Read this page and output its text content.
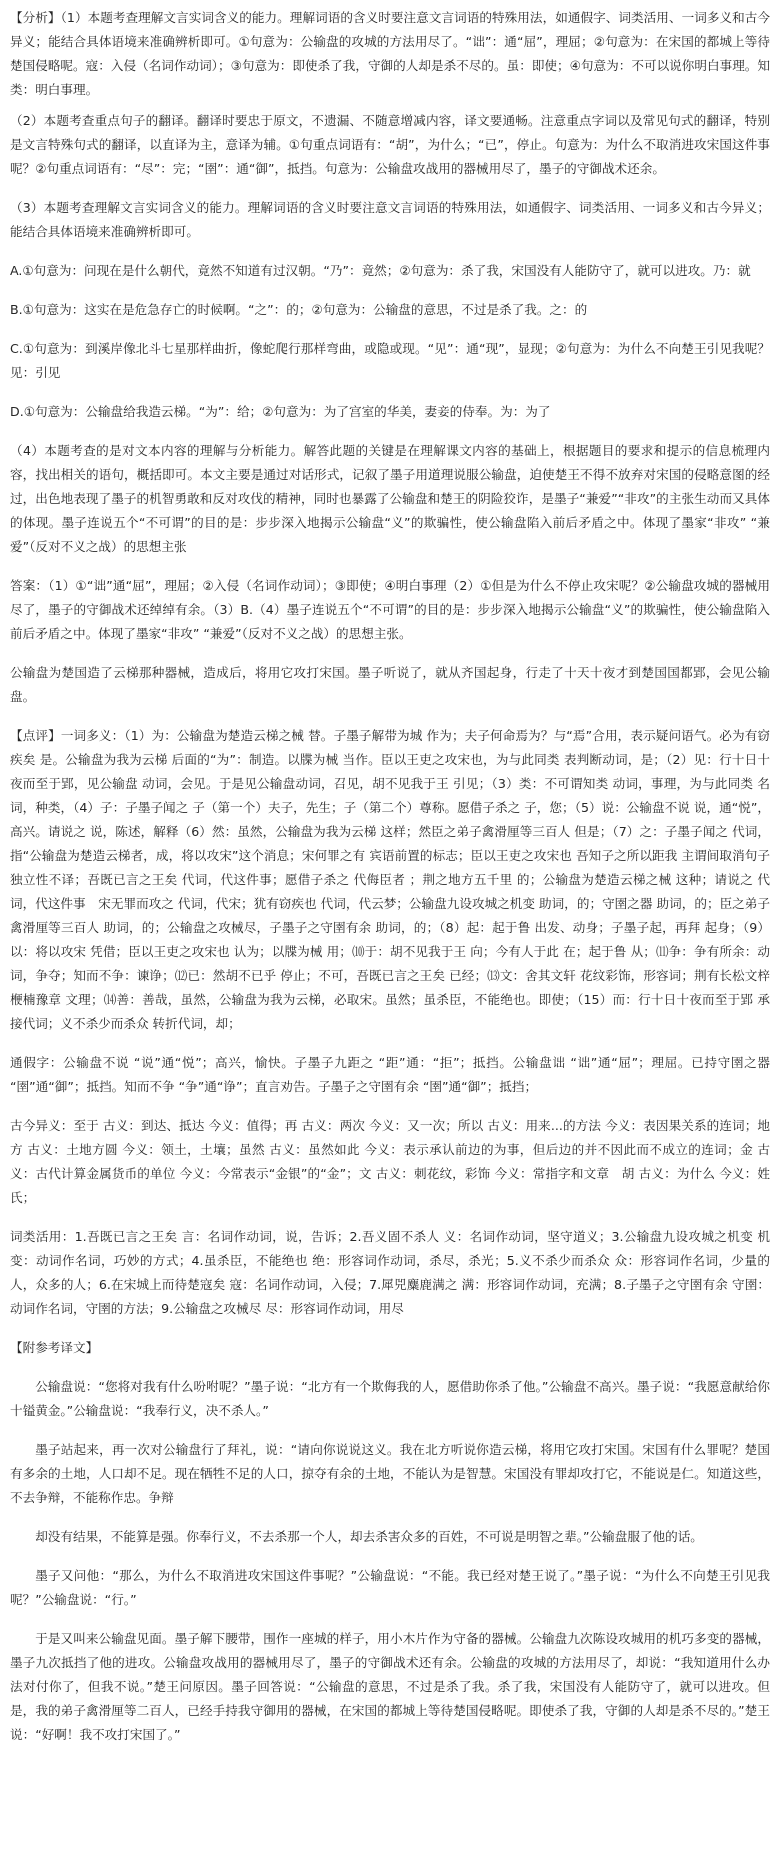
【分析】（1）本题考查理解文言实词含义的能力。理解词语的含义时要注意文言词语的特殊用法，如通假字、词类活用、一词多义和古今异义；能结合具体语境来准确辨析即可。①句意为：公输盘的攻城的方法用尽了。“诎”：通“屈”，理屈；②句意为：在宋国的都城上等待楚国侵略呢。寇：入侵（名词作动词）；③句意为：即使杀了我，守御的人却是杀不尽的。虽：即使；④句意为：不可以说你明白事理。知类：明白事理。

（2）本题考查重点句子的翻译。翻译时要忠于原文，不遗漏、不随意增减内容，译文要通畅。注意重点字词以及常见句式的翻译，特别是文言特殊句式的翻译，以直译为主，意译为辅。①句重点词语有：“胡”，为什么；“已”，停止。句意为：为什么不取消进攻宋国这件事呢？②句重点词语有：“尽”：完；“圉”：通“御”，抵挡。句意为：公输盘攻战用的器械用尽了，墨子的守御战术还余。

（3）本题考查理解文言实词含义的能力。理解词语的含义时要注意文言词语的特殊用法，如通假字、词类活用、一词多义和古今异义；能结合具体语境来准确辨析即可。

A.①句意为：问现在是什么朝代，竟然不知道有过汉朝。“乃”：竟然；②句意为：杀了我，宋国没有人能防守了，就可以进攻。乃：就

B.①句意为：这实在是危急存亡的时候啊。“之”：的；②句意为：公输盘的意思，不过是杀了我。之：的

C.①句意为：到溪岸像北斗七星那样曲折，像蛇爬行那样弯曲，或隐或现。“见”：通“现”，显现；②句意为：为什么不向楚王引见我呢？见：引见

D.①句意为：公输盘给我造云梯。“为”：给；②句意为：为了宫室的华美，妻妾的侍奉。为：为了

（4）本题考查的是对文本内容的理解与分析能力。解答此题的关键是在理解课文内容的基础上，根据题目的要求和提示的信息梳理内容，找出相关的语句，概括即可。本文主要是通过对话形式，记叙了墨子用道理说服公输盘，迫使楚王不得不放弃对宋国的侵略意图的经过，出色地表现了墨子的机智勇敢和反对攻伐的精神，同时也暴露了公输盘和楚王的阴险狡诈，是墨子“兼爱”“非攻”的主张生动而又具体的体现。墨子连说五个“不可谓”的目的是：步步深入地揭示公输盘“义”的欺骗性，使公输盘陷入前后矛盾之中。体现了墨家“非攻” “兼爱”（反对不义之战）的思想主张

答案：（1）①“诎”通“屈”，理屈；②入侵（名词作动词）；③即使；④明白事理（2）①但是为什么不停止攻宋呢？②公输盘攻城的器械用尽了，墨子的守御战术还绰绰有余。（3）B.（4）墨子连说五个“不可谓”的目的是：步步深入地揭示公输盘“义”的欺骗性，使公输盘陷入前后矛盾之中。体现了墨家“非攻” “兼爱”（反对不义之战）的思想主张。

公输盘为楚国造了云梯那种器械，造成后，将用它攻打宋国。墨子听说了，就从齐国起身，行走了十天十夜才到楚国国都郢，会见公输盘。

【点评】一词多义：（1）为：公输盘为楚造云梯之械 替。子墨子解带为城 作为；夫子何命焉为？与“焉”合用，表示疑问语气。必为有窃疾矣 是。公输盘为我为云梯 后面的“为”：制造。以牒为械 当作。臣以王吏之攻宋也，为与此同类 表判断动词，是；（2）见：行十日十夜而至于郢，见公输盘 动词，会见。于是见公输盘动词，召见，胡不见我于王 引见；（3）类：不可谓知类 动词，事理，为与此同类 名词，种类，（4）子：子墨子闻之 子（第一个）夫子，先生；子（第二个）尊称。愿借子杀之 子，您；（5）说：公输盘不说 说，通“悦”，高兴。请说之 说，陈述，解释（6）然：虽然，公输盘为我为云梯 这样；然臣之弟子禽滑厘等三百人 但是；（7）之：子墨子闻之 代词，指“公输盘为楚造云梯者，成，将以攻宋”这个消息；宋何罪之有 宾语前置的标志；臣以王吏之攻宋也 吾知子之所以距我 主谓间取消句子独立性不译；吾既已言之王矣 代词，代这件事；愿借子杀之 代侮臣者 ；荆之地方五千里 的；公输盘为楚造云梯之械 这种；请说之 代词，代这件事　宋无罪而攻之 代词，代宋；犹有窃疾也 代词，代云梦；公输盘九设攻城之机变 助词，的；守圉之器 助词，的；臣之弟子禽滑厘等三百人 助词，的；公输盘之攻械尽，子墨子之守圉有余 助词，的；（8）起：起于鲁 出发、动身；子墨子起，再拜 起身；（9）以：将以攻宋 凭借；臣以王吏之攻宋也 认为；以牒为械 用；⑽于：胡不见我于王 向；今有人于此 在；起于鲁 从；⑾争：争有所余：动词，争夺；知而不争：谏诤；⑿已：然胡不已乎 停止；不可，吾既已言之王矣 已经；⒀文：舍其文轩 花纹彩饰，形容词；荆有长松文梓楩楠豫章 文理；⒁善：善哉，虽然，公输盘为我为云梯，必取宋。虽然；虽杀臣，不能绝也。即使；（15）而：行十日十夜而至于郢 承接代词；义不杀少而杀众 转折代词，却；

通假字：公输盘不说 “说”通“悦”；高兴，愉快。子墨子九距之 “距”通：“拒”；抵挡。公输盘诎 “诎”通“屈”；理屈。已持守圉之器 “圉”通“御”；抵挡。知而不争 “争”通“诤”；直言劝告。子墨子之守圉有余 “圉”通“御”；抵挡；

古今异义：至于 古义：到达、抵达 今义：值得；再 古义：两次 今义：又一次；所以 古义：用来...的方法 今义：表因果关系的连词；地方 古义：土地方圆 今义：领土，土壤；虽然 古义：虽然如此 今义：表示承认前边的为事，但后边的并不因此而不成立的连词；金 古义：古代计算金属货币的单位 今义：今常表示“金银”的“金”；文 古义：刺花纹，彩饰 今义：常指字和文章　胡 古义：为什么 今义：姓氏；

词类活用：1.吾既已言之王矣 言：名词作动词，说，告诉；2.吾义固不杀人 义：名词作动词，坚守道义；3.公输盘九设攻城之机变 机变：动词作名词，巧妙的方式；4.虽杀臣，不能绝也 绝：形容词作动词，杀尽，杀光；5.义不杀少而杀众 众：形容词作名词，少量的人，众多的人；6.在宋城上而待楚寇矣 寇：名词作动词，入侵；7.犀兕麋鹿满之 满：形容词作动词，充满；8.子墨子之守圉有余 守圉：动词作名词，守圉的方法；9.公输盘之攻械尽 尽：形容词作动词，用尽

【附参考译文】

公输盘说：“您将对我有什么吩咐呢？”墨子说：“北方有一个欺侮我的人，愿借助你杀了他。”公输盘不高兴。墨子说：“我愿意献给你十镒黄金。”公输盘说：“我奉行义，决不杀人。”

墨子站起来，再一次对公输盘行了拜礼，说：“请向你说说这义。我在北方听说你造云梯，将用它攻打宋国。宋国有什么罪呢？楚国有多余的土地，人口却不足。现在牺牲不足的人口，掠夺有余的土地，不能认为是智慧。宋国没有罪却攻打它，不能说是仁。知道这些，不去争辩，不能称作忠。争辩

却没有结果，不能算是强。你奉行义，不去杀那一个人，却去杀害众多的百姓，不可说是明智之辈。”公输盘服了他的话。

墨子又问他：“那么，为什么不取消进攻宋国这件事呢？”公输盘说：“不能。我已经对楚王说了。”墨子说：“为什么不向楚王引见我呢？”公输盘说：“行。”

于是又叫来公输盘见面。墨子解下腰带，围作一座城的样子，用小木片作为守备的器械。公输盘九次陈设攻城用的机巧多变的器械，墨子九次抵挡了他的进攻。公输盘攻战用的器械用尽了，墨子的守御战术还有余。公输盘的攻城的方法用尽了，却说：“我知道用什么办法对付你了，但我不说。”楚王问原因。墨子回答说：“公输盘的意思，不过是杀了我。杀了我，宋国没有人能防守了，就可以进攻。但是，我的弟子禽滑厘等二百人，已经手持我守御用的器械，在宋国的都城上等待楚国侵略呢。即使杀了我，守御的人却是杀不尽的。”楚王说：“好啊！我不攻打宋国了。”
